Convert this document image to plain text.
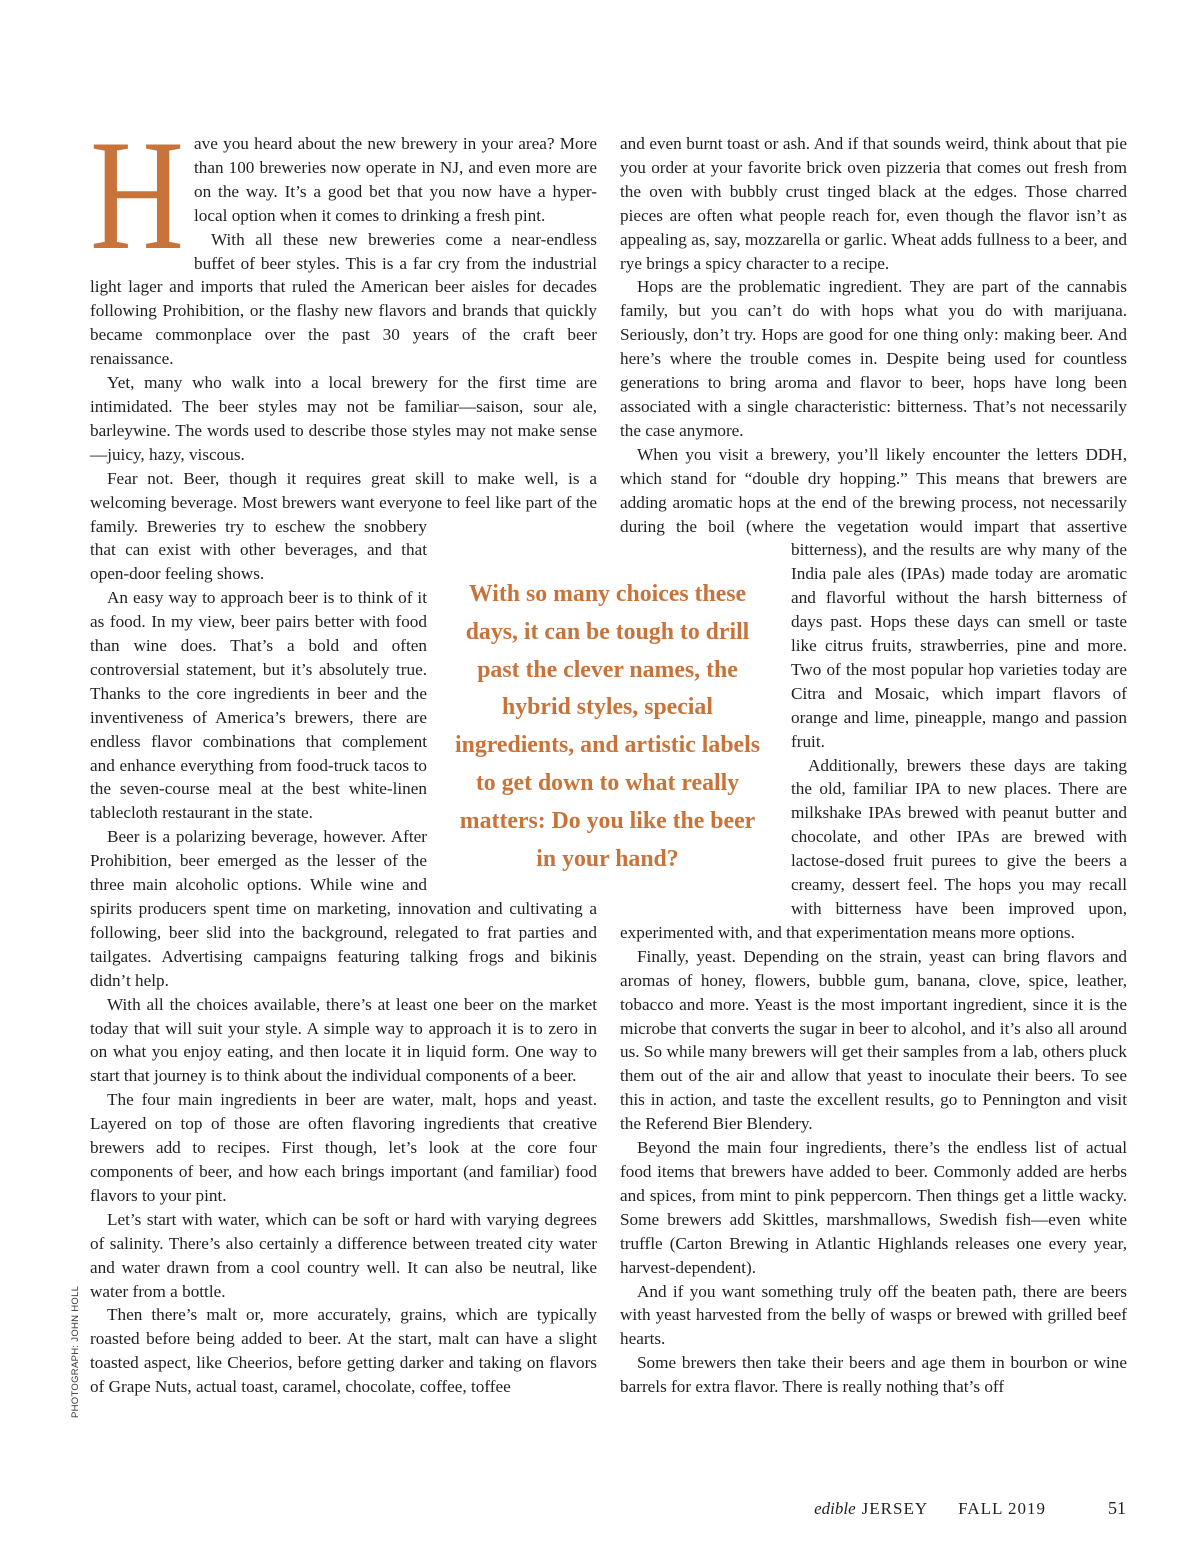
H ave you heard about the new brewery in your area? More than 100 breweries now operate in NJ, and even more are on the way. It’s a good bet that you now have a hyper-local option when it comes to drinking a fresh pint.

With all these new breweries come a near-endless buffet of beer styles. This is a far cry from the industrial light lager and imports that ruled the American beer aisles for decades following Prohibition, or the flashy new flavors and brands that quickly became commonplace over the past 30 years of the craft beer renaissance.

Yet, many who walk into a local brewery for the first time are intimidated. The beer styles may not be familiar—saison, sour ale, barleywine. The words used to describe those styles may not make sense—juicy, hazy, viscous.

Fear not. Beer, though it requires great skill to make well, is a welcoming beverage. Most brewers want everyone to feel like part of the family. Breweries try to eschew the snobbery that can exist with other beverages, and that open-door feeling shows.

An easy way to approach beer is to think of it as food. In my view, beer pairs better with food than wine does. That’s a bold and often controversial statement, but it’s absolutely true. Thanks to the core ingredients in beer and the inventiveness of America’s brewers, there are endless flavor combinations that complement and enhance everything from food-truck tacos to the seven-course meal at the best white-linen tablecloth restaurant in the state.

Beer is a polarizing beverage, however. After Prohibition, beer emerged as the lesser of the three main alcoholic options. While wine and spirits producers spent time on marketing, innovation and cultivating a following, beer slid into the background, relegated to frat parties and tailgates. Advertising campaigns featuring talking frogs and bikinis didn’t help.

With all the choices available, there’s at least one beer on the market today that will suit your style. A simple way to approach it is to zero in on what you enjoy eating, and then locate it in liquid form. One way to start that journey is to think about the individual components of a beer.

The four main ingredients in beer are water, malt, hops and yeast. Layered on top of those are often flavoring ingredients that creative brewers add to recipes. First though, let’s look at the core four components of beer, and how each brings important (and familiar) food flavors to your pint.

Let’s start with water, which can be soft or hard with varying degrees of salinity. There’s also certainly a difference between treated city water and water drawn from a cool country well. It can also be neutral, like water from a bottle.

Then there’s malt or, more accurately, grains, which are typically roasted before being added to beer. At the start, malt can have a slight toasted aspect, like Cheerios, before getting darker and taking on flavors of Grape Nuts, actual toast, caramel, chocolate, coffee, toffee

and even burnt toast or ash. And if that sounds weird, think about that pie you order at your favorite brick oven pizzeria that comes out fresh from the oven with bubbly crust tinged black at the edges. Those charred pieces are often what people reach for, even though the flavor isn’t as appealing as, say, mozzarella or garlic. Wheat adds fullness to a beer, and rye brings a spicy character to a recipe.

Hops are the problematic ingredient. They are part of the cannabis family, but you can’t do with hops what you do with marijuana. Seriously, don’t try. Hops are good for one thing only: making beer. And here’s where the trouble comes in. Despite being used for countless generations to bring aroma and flavor to beer, hops have long been associated with a single characteristic: bitterness. That’s not necessarily the case anymore.

When you visit a brewery, you’ll likely encounter the letters DDH, which stand for “double dry hopping.” This means that brewers are adding aromatic hops at the end of the brewing process, not necessarily during the boil (where the vegetation would impart that assertive bitterness), and the results are why many of the India pale ales (IPAs) made today are aromatic and flavorful without the harsh bitterness of days past. Hops these days can smell or taste like citrus fruits, strawberries, pine and more. Two of the most popular hop varieties today are Citra and Mosaic, which impart flavors of orange and lime, pineapple, mango and passion fruit.

Additionally, brewers these days are taking the old, familiar IPA to new places. There are milkshake IPAs brewed with peanut butter and chocolate, and other IPAs are brewed with lactose-dosed fruit purees to give the beers a creamy, dessert feel. The hops you may recall with bitterness have been improved upon, experimented with, and that experimentation means more options.

Finally, yeast. Depending on the strain, yeast can bring flavors and aromas of honey, flowers, bubble gum, banana, clove, spice, leather, tobacco and more. Yeast is the most important ingredient, since it is the microbe that converts the sugar in beer to alcohol, and it’s also all around us. So while many brewers will get their samples from a lab, others pluck them out of the air and allow that yeast to inoculate their beers. To see this in action, and taste the excellent results, go to Pennington and visit the Referend Bier Blendery.

Beyond the main four ingredients, there’s the endless list of actual food items that brewers have added to beer. Commonly added are herbs and spices, from mint to pink peppercorn. Then things get a little wacky. Some brewers add Skittles, marshmallows, Swedish fish—even white truffle (Carton Brewing in Atlantic Highlands releases one every year, harvest-dependent).

And if you want something truly off the beaten path, there are beers with yeast harvested from the belly of wasps or brewed with grilled beef hearts.

Some brewers then take their beers and age them in bourbon or wine barrels for extra flavor. There is really nothing that’s off

With so many choices these days, it can be tough to drill past the clever names, the hybrid styles, special ingredients, and artistic labels to get down to what really matters: Do you like the beer in your hand?
PHOTOGRAPH: JOHN HOLL
edible JERSEY FALL 2019	51
